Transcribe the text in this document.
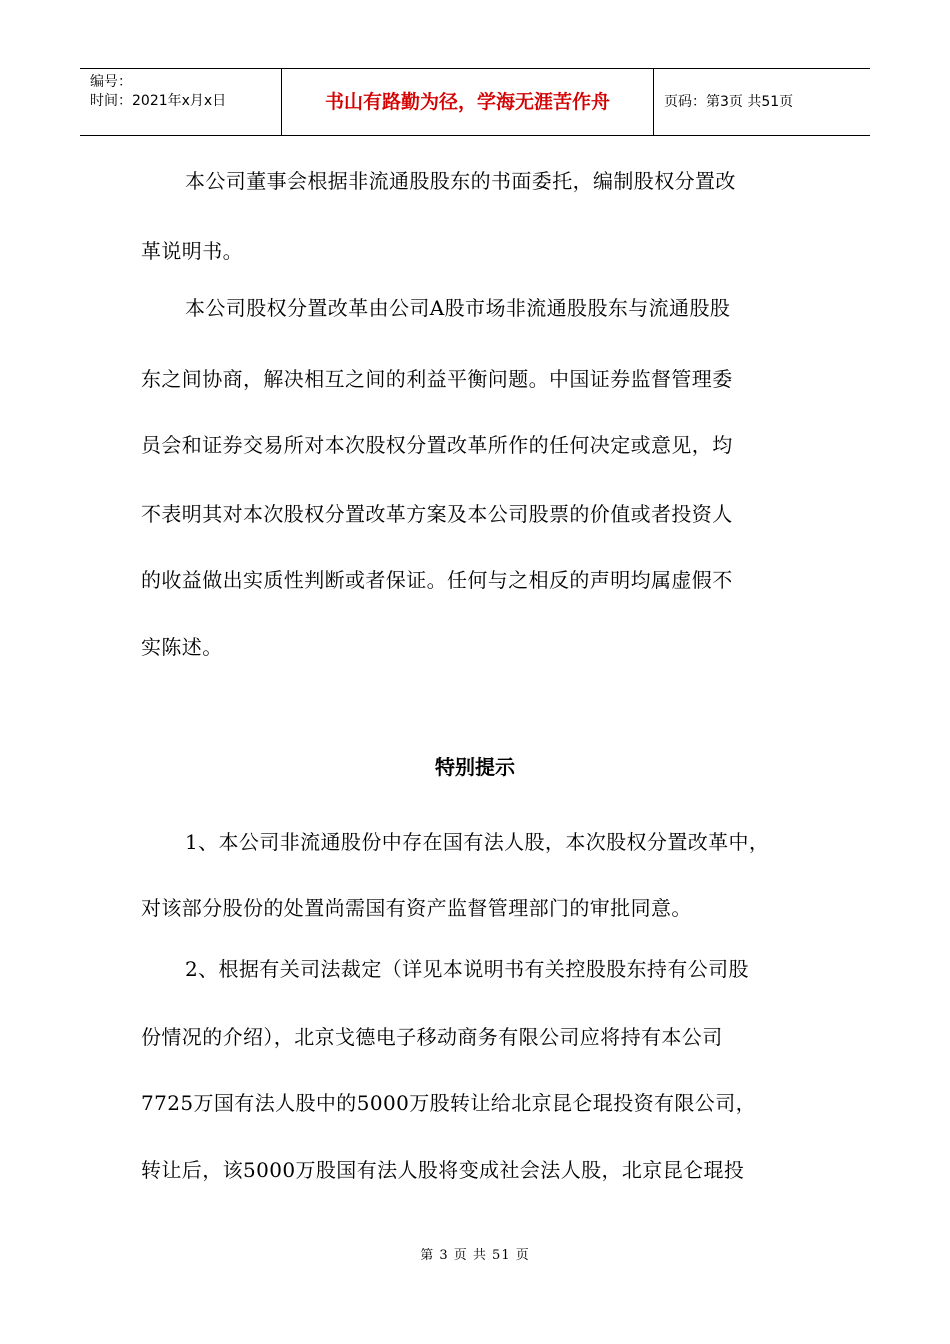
编号：
时间：2021年x月x日	书山有路勤为径，学海无涯苦作舟	页码：第3页 共51页
本公司董事会根据非流通股股东的书面委托，编制股权分置改
革说明书。
本公司股权分置改革由公司A股市场非流通股股东与流通股股
东之间协商，解决相互之间的利益平衡问题。中国证券监督管理委
员会和证券交易所对本次股权分置改革所作的任何决定或意见，均
不表明其对本次股权分置改革方案及本公司股票的价值或者投资人
的收益做出实质性判断或者保证。任何与之相反的声明均属虚假不
实陈述。
特别提示
1、本公司非流通股份中存在国有法人股，本次股权分置改革中，
对该部分股份的处置尚需国有资产监督管理部门的审批同意。
2、根据有关司法裁定（详见本说明书有关控股股东持有公司股
份情况的介绍），北京戈德电子移动商务有限公司应将持有本公司
7725万国有法人股中的5000万股转让给北京昆仑琨投资有限公司，
转让后，该5000万股国有法人股将变成社会法人股，北京昆仑琨投
第 3 页 共 51 页
